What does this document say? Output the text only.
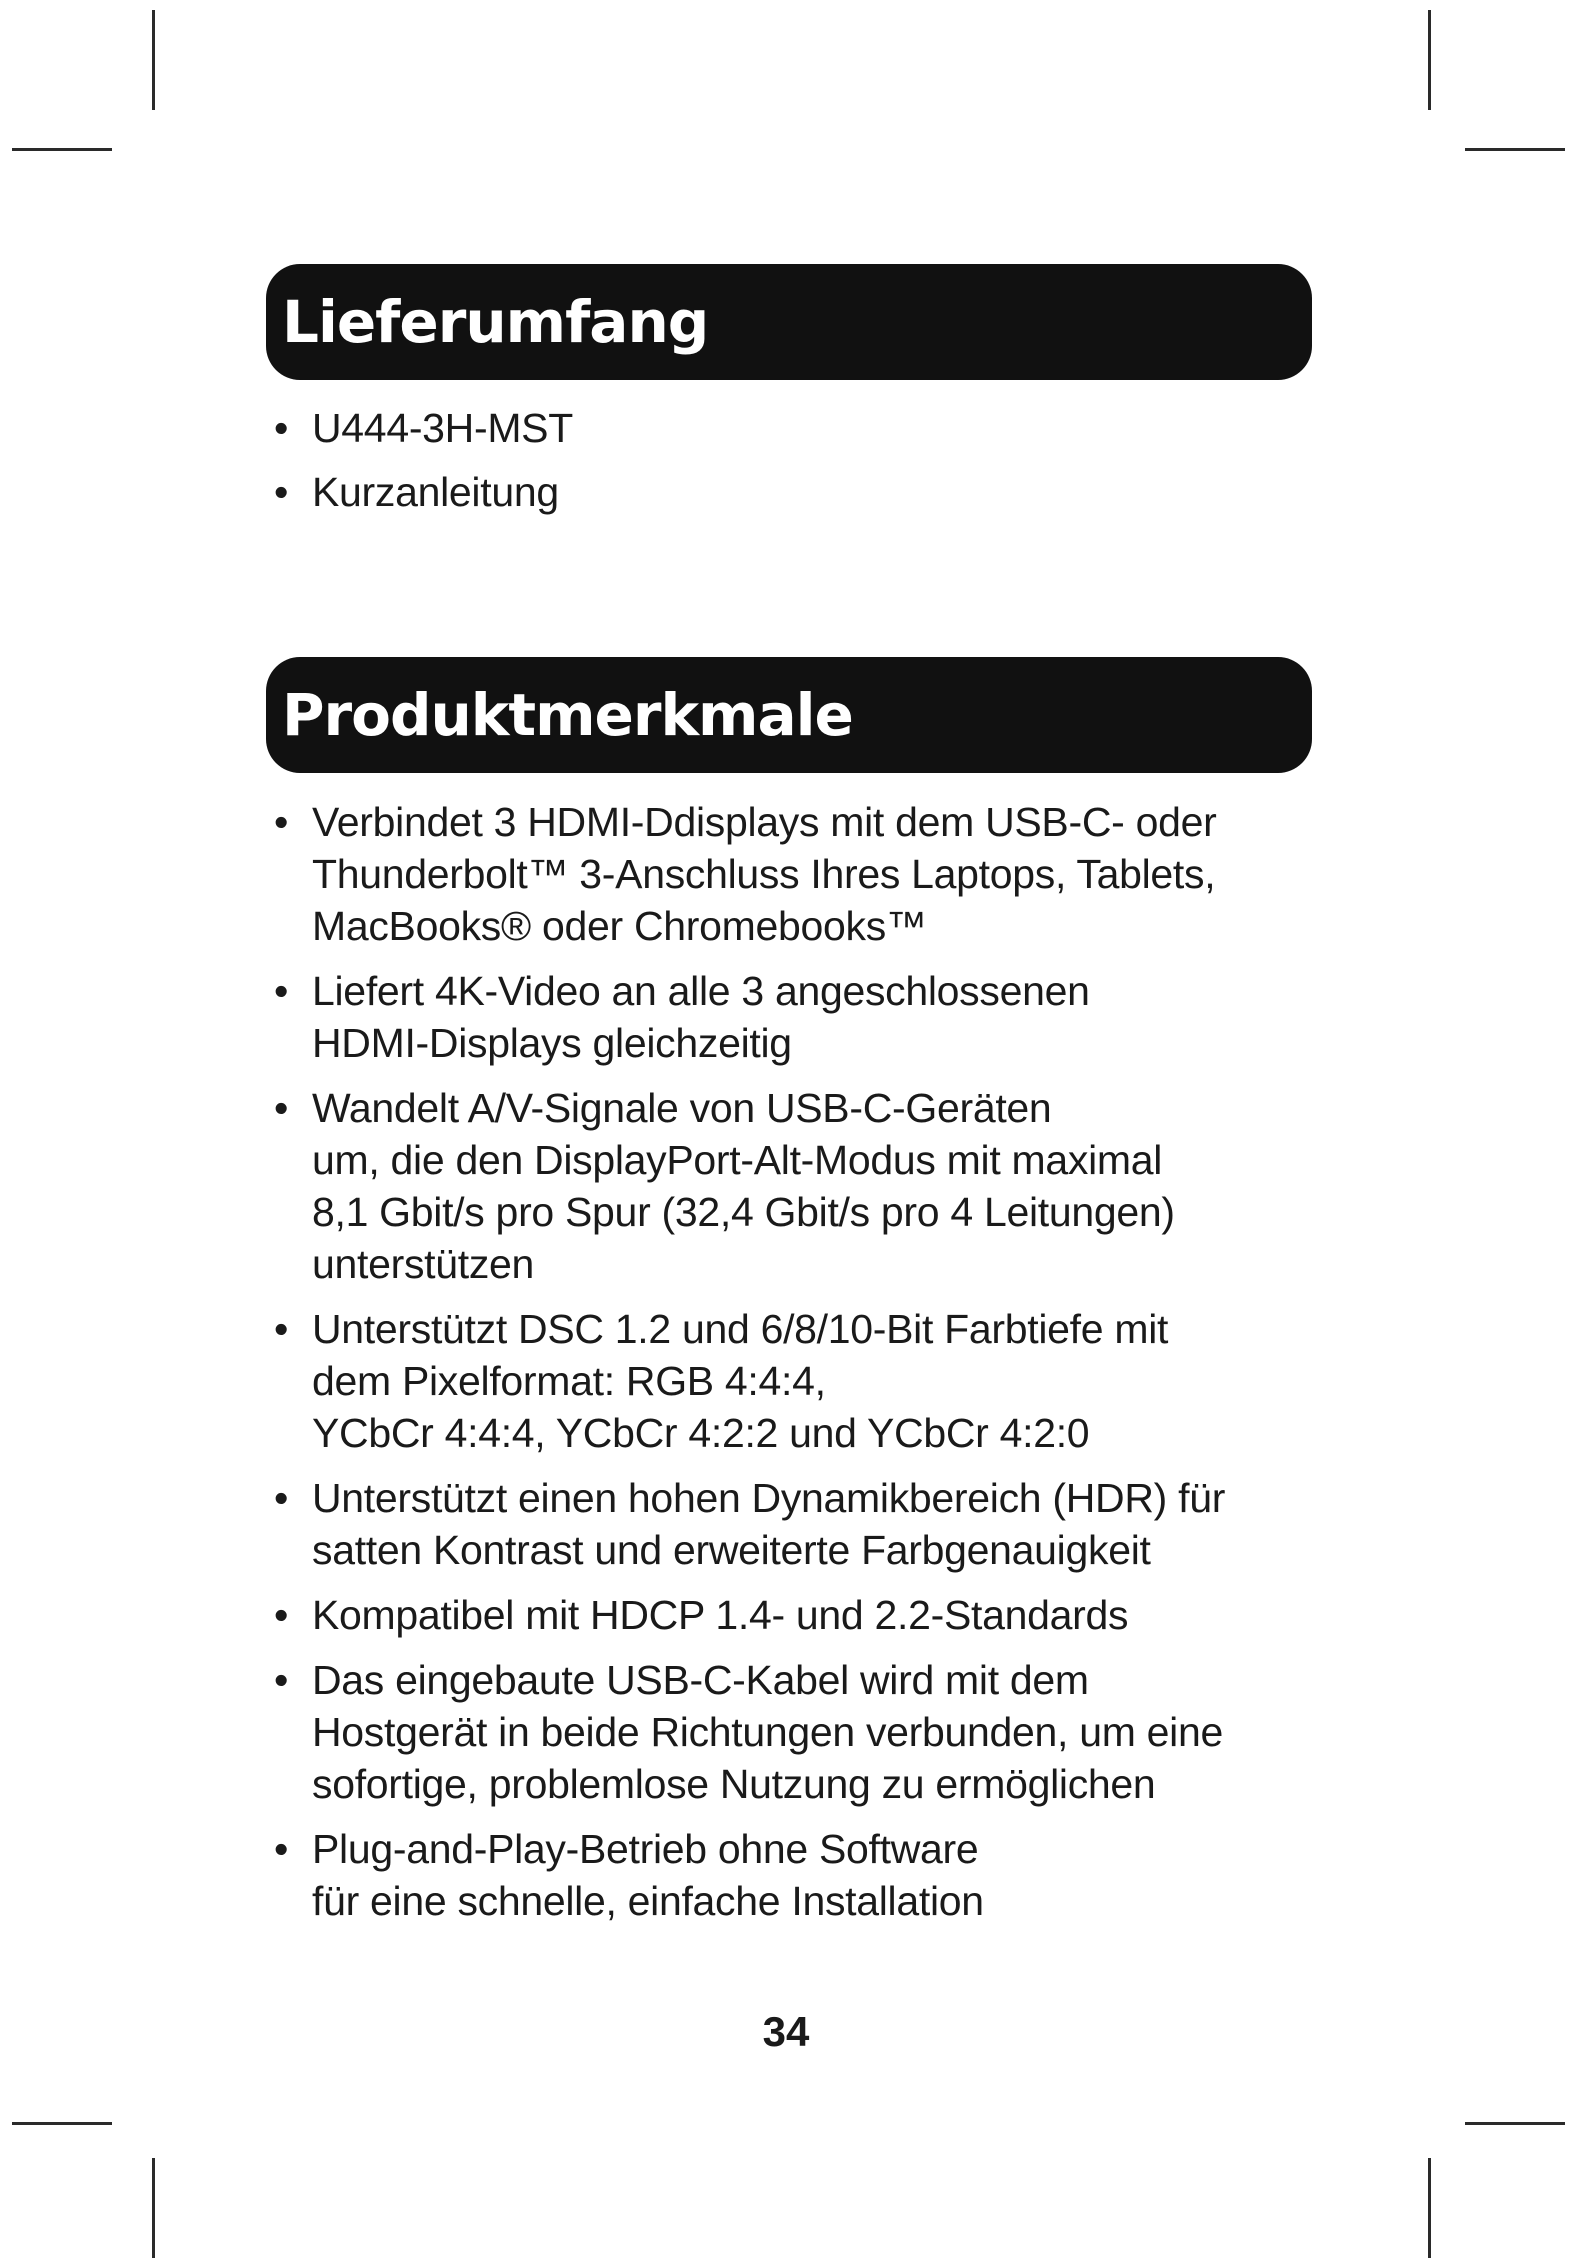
Lieferumfang
• U444-3H-MST
• Kurzanleitung
Produktmerkmale
• Verbindet 3 HDMI-Ddisplays mit dem USB-C- oder
Thunderbolt™ 3-Anschluss Ihres Laptops, Tablets,
MacBooks® oder Chromebooks™
• Liefert 4K-Video an alle 3 angeschlossenen
HDMI-Displays gleichzeitig
• Wandelt A/V-Signale von USB-C-Geräten
um, die den DisplayPort-Alt-Modus mit maximal
8,1 Gbit/s pro Spur (32,4 Gbit/s pro 4 Leitungen)
unterstützen
• Unterstützt DSC 1.2 und 6/8/10-Bit Farbtiefe mit
dem Pixelformat: RGB 4:4:4,
YCbCr 4:4:4, YCbCr 4:2:2 und YCbCr 4:2:0
• Unterstützt einen hohen Dynamikbereich (HDR) für
satten Kontrast und erweiterte Farbgenauigkeit
• Kompatibel mit HDCP 1.4- und 2.2-Standards
• Das eingebaute USB-C-Kabel wird mit dem
Hostgerät in beide Richtungen verbunden, um eine
sofortige, problemlose Nutzung zu ermöglichen
• Plug-and-Play-Betrieb ohne Software
für eine schnelle, einfache Installation
34
